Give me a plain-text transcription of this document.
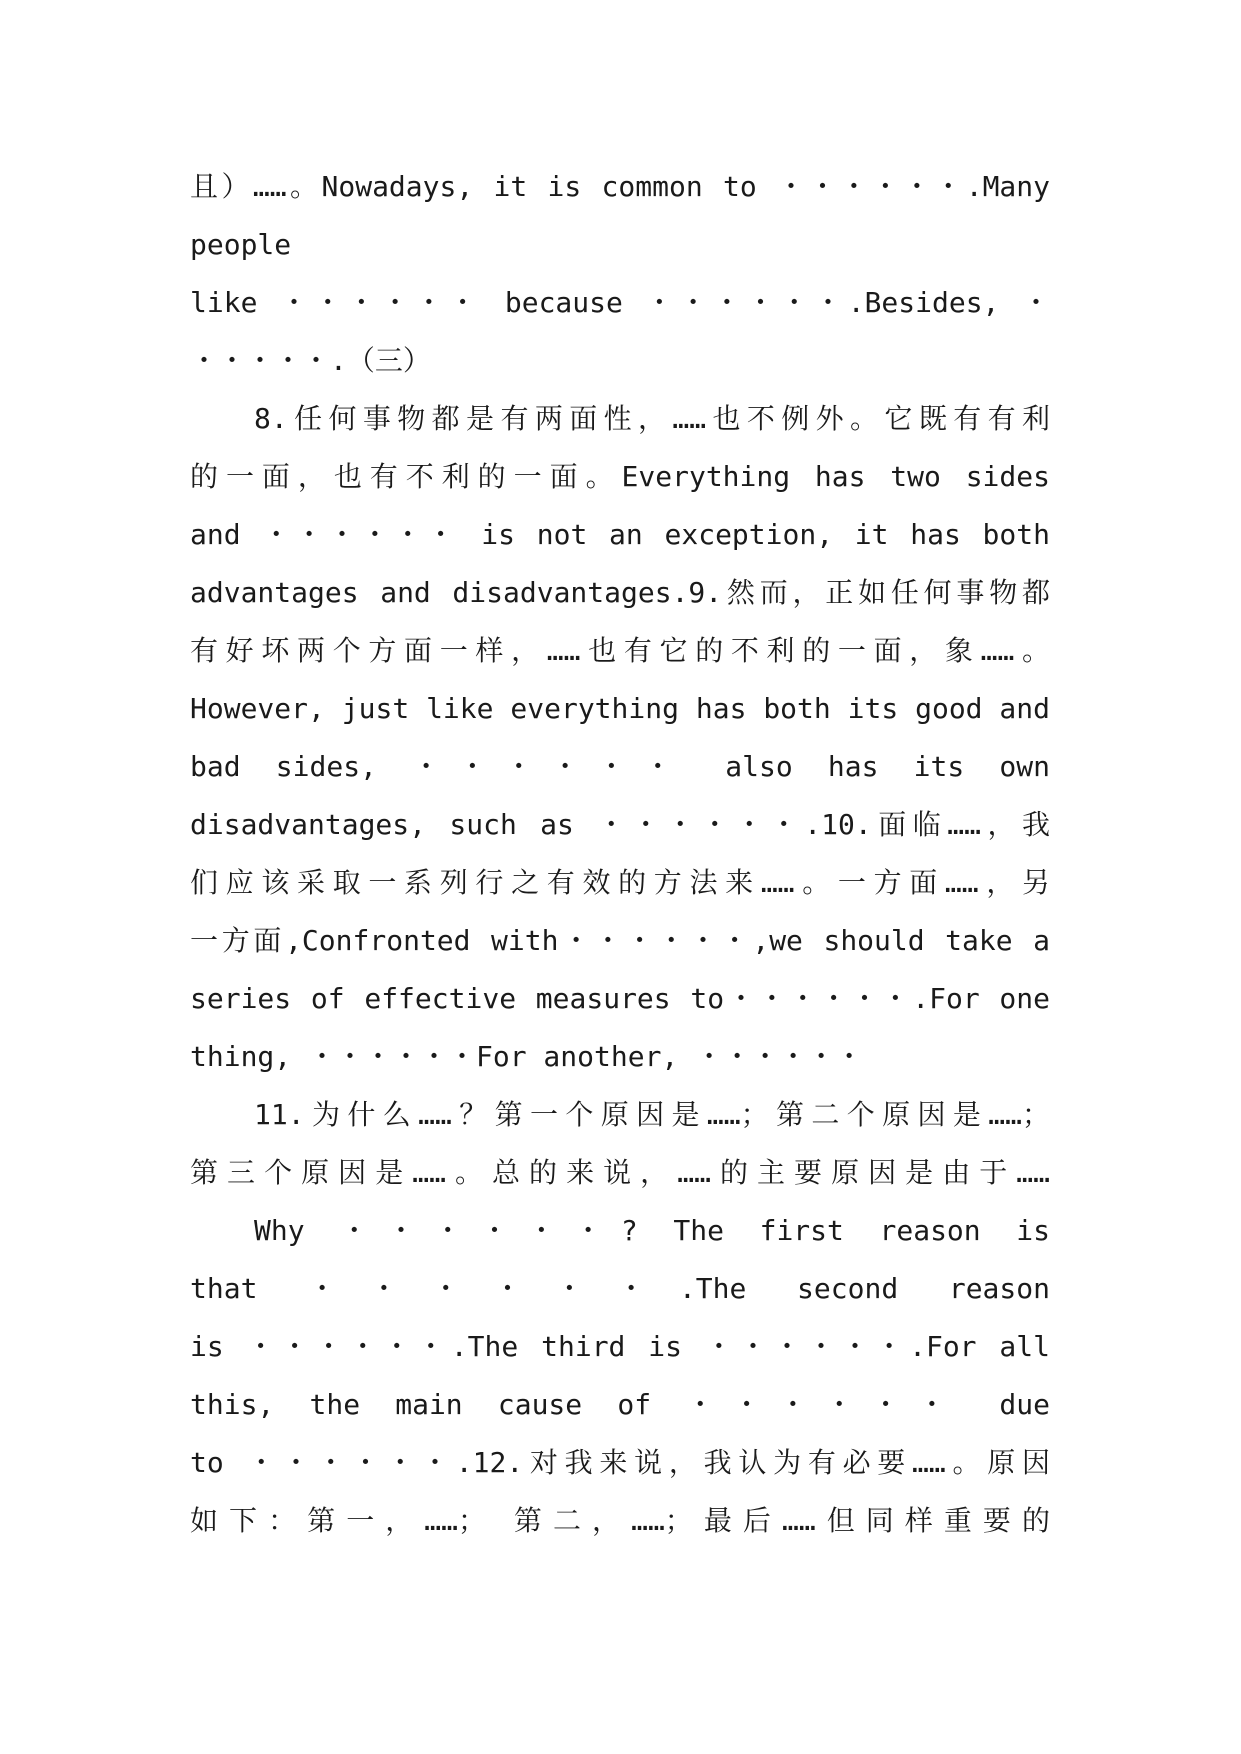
且）……。Nowadays, it is common to ・・・・・・.Many
people
like ・・・・・・ because ・・・・・・.Besides, ・
・・・・・.（三）
8.任何事物都是有两面性，……也不例外。它既有有利
的一面，也有不利的一面。Everything has two sides
and ・・・・・・ is not an exception, it has both
advantages and disadvantages.9.然而，正如任何事物都
有好坏两个方面一样，……也有它的不利的一面，象……。
However, just like everything has both its good and
bad sides, ・・・・・・ also has its own
disadvantages, such as ・・・・・・.10.面临……，我
们应该采取一系列行之有效的方法来……。一方面……，另
一方面,Confronted with・・・・・・,we should take a
series of effective measures to・・・・・・.For one
thing, ・・・・・・For another, ・・・・・・
11.为什么……？第一个原因是……；第二个原因是……；
第三个原因是……。总的来说，……的主要原因是由于……
Why ・・・・・・? The first reason is
that ・・・・・・.The second reason
is ・・・・・・.The third is ・・・・・・.For all
this, the main cause of ・・・・・・ due
to ・・・・・・.12.对我来说，我认为有必要……。原因
如下：第一，……； 第二，……；最后……但同样重要的
